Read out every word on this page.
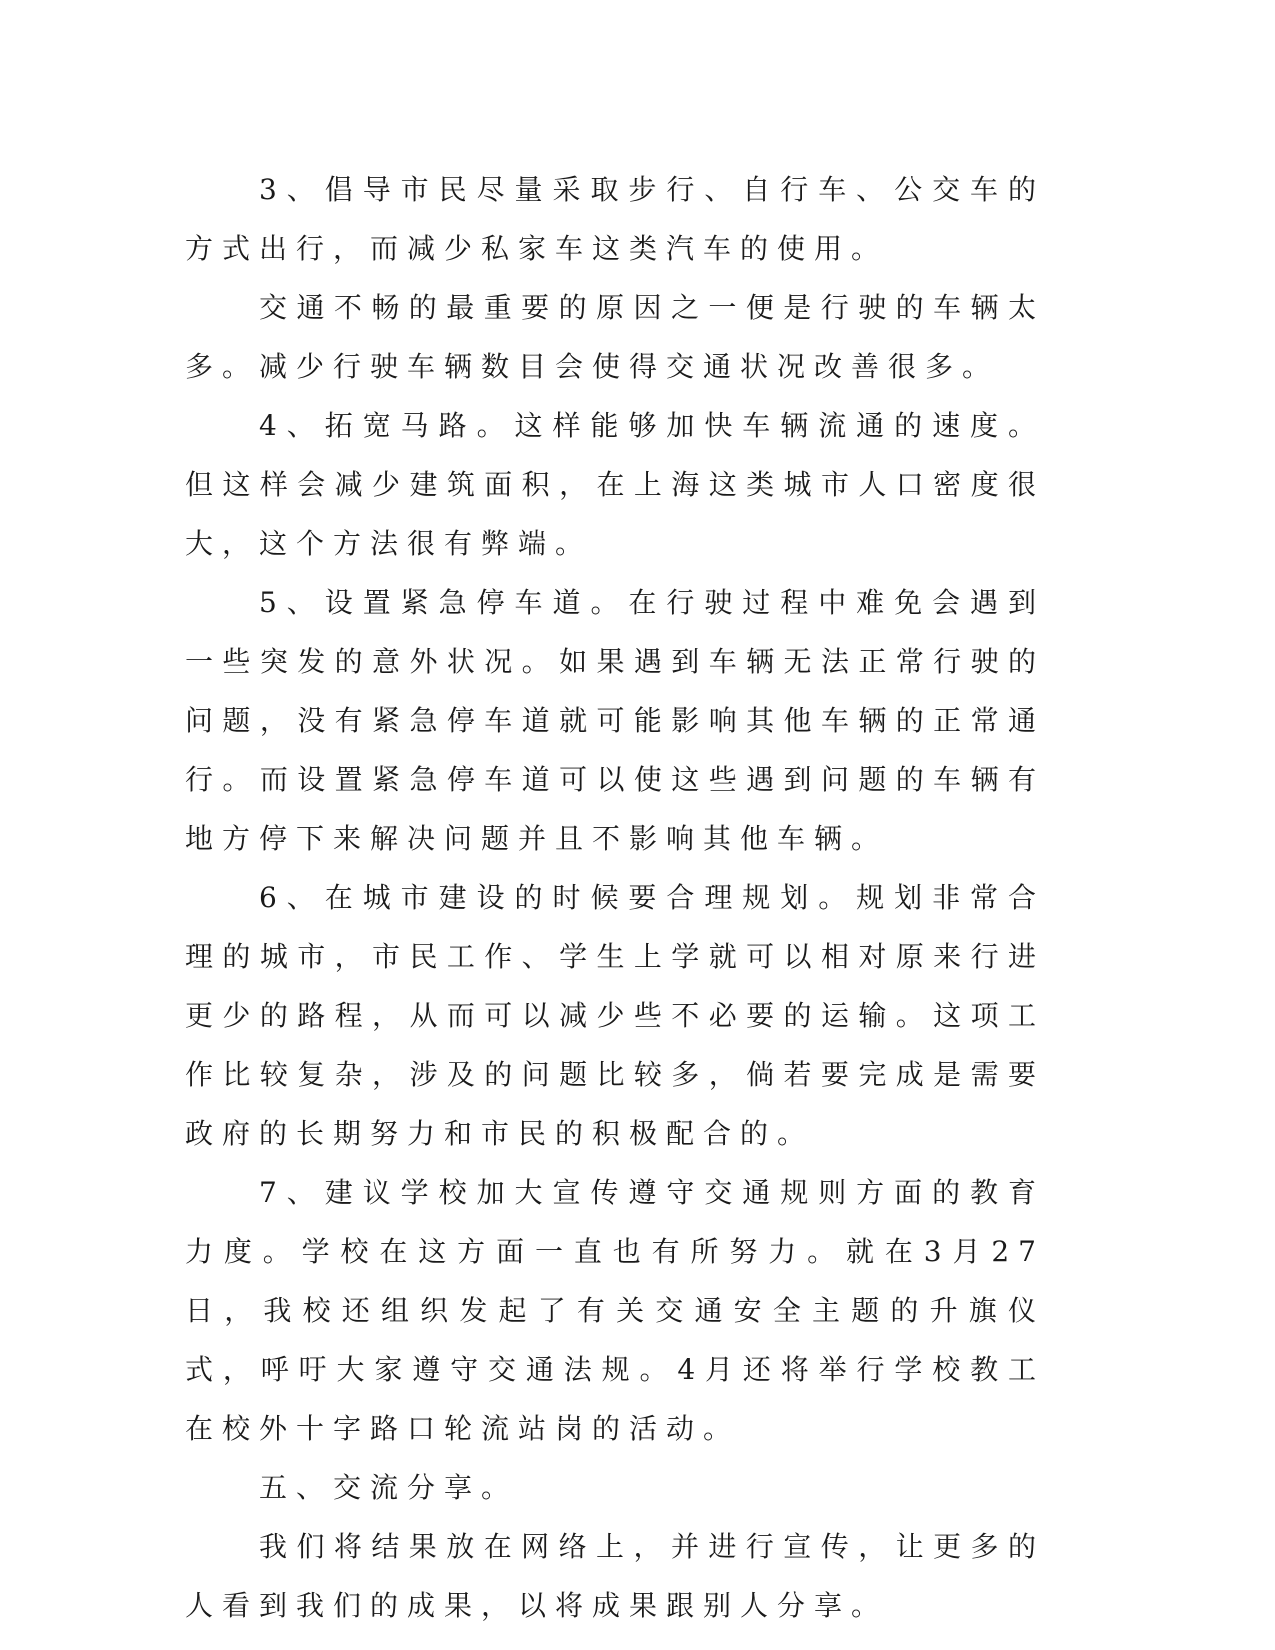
3、倡导市民尽量采取步行、自行车、公交车的方式出行，而减少私家车这类汽车的使用。

交通不畅的最重要的原因之一便是行驶的车辆太多。减少行驶车辆数目会使得交通状况改善很多。

4、拓宽马路。这样能够加快车辆流通的速度。但这样会减少建筑面积，在上海这类城市人口密度很大，这个方法很有弊端。

5、设置紧急停车道。在行驶过程中难免会遇到一些突发的意外状况。如果遇到车辆无法正常行驶的问题，没有紧急停车道就可能影响其他车辆的正常通行。而设置紧急停车道可以使这些遇到问题的车辆有地方停下来解决问题并且不影响其他车辆。

6、在城市建设的时候要合理规划。规划非常合理的城市，市民工作、学生上学就可以相对原来行进更少的路程，从而可以减少些不必要的运输。这项工作比较复杂，涉及的问题比较多，倘若要完成是需要政府的长期努力和市民的积极配合的。

7、建议学校加大宣传遵守交通规则方面的教育力度。学校在这方面一直也有所努力。就在3月27日，我校还组织发起了有关交通安全主题的升旗仪式，呼吁大家遵守交通法规。4月还将举行学校教工在校外十字路口轮流站岗的活动。

五、交流分享。

我们将结果放在网络上，并进行宣传，让更多的人看到我们的成果，以将成果跟别人分享。
